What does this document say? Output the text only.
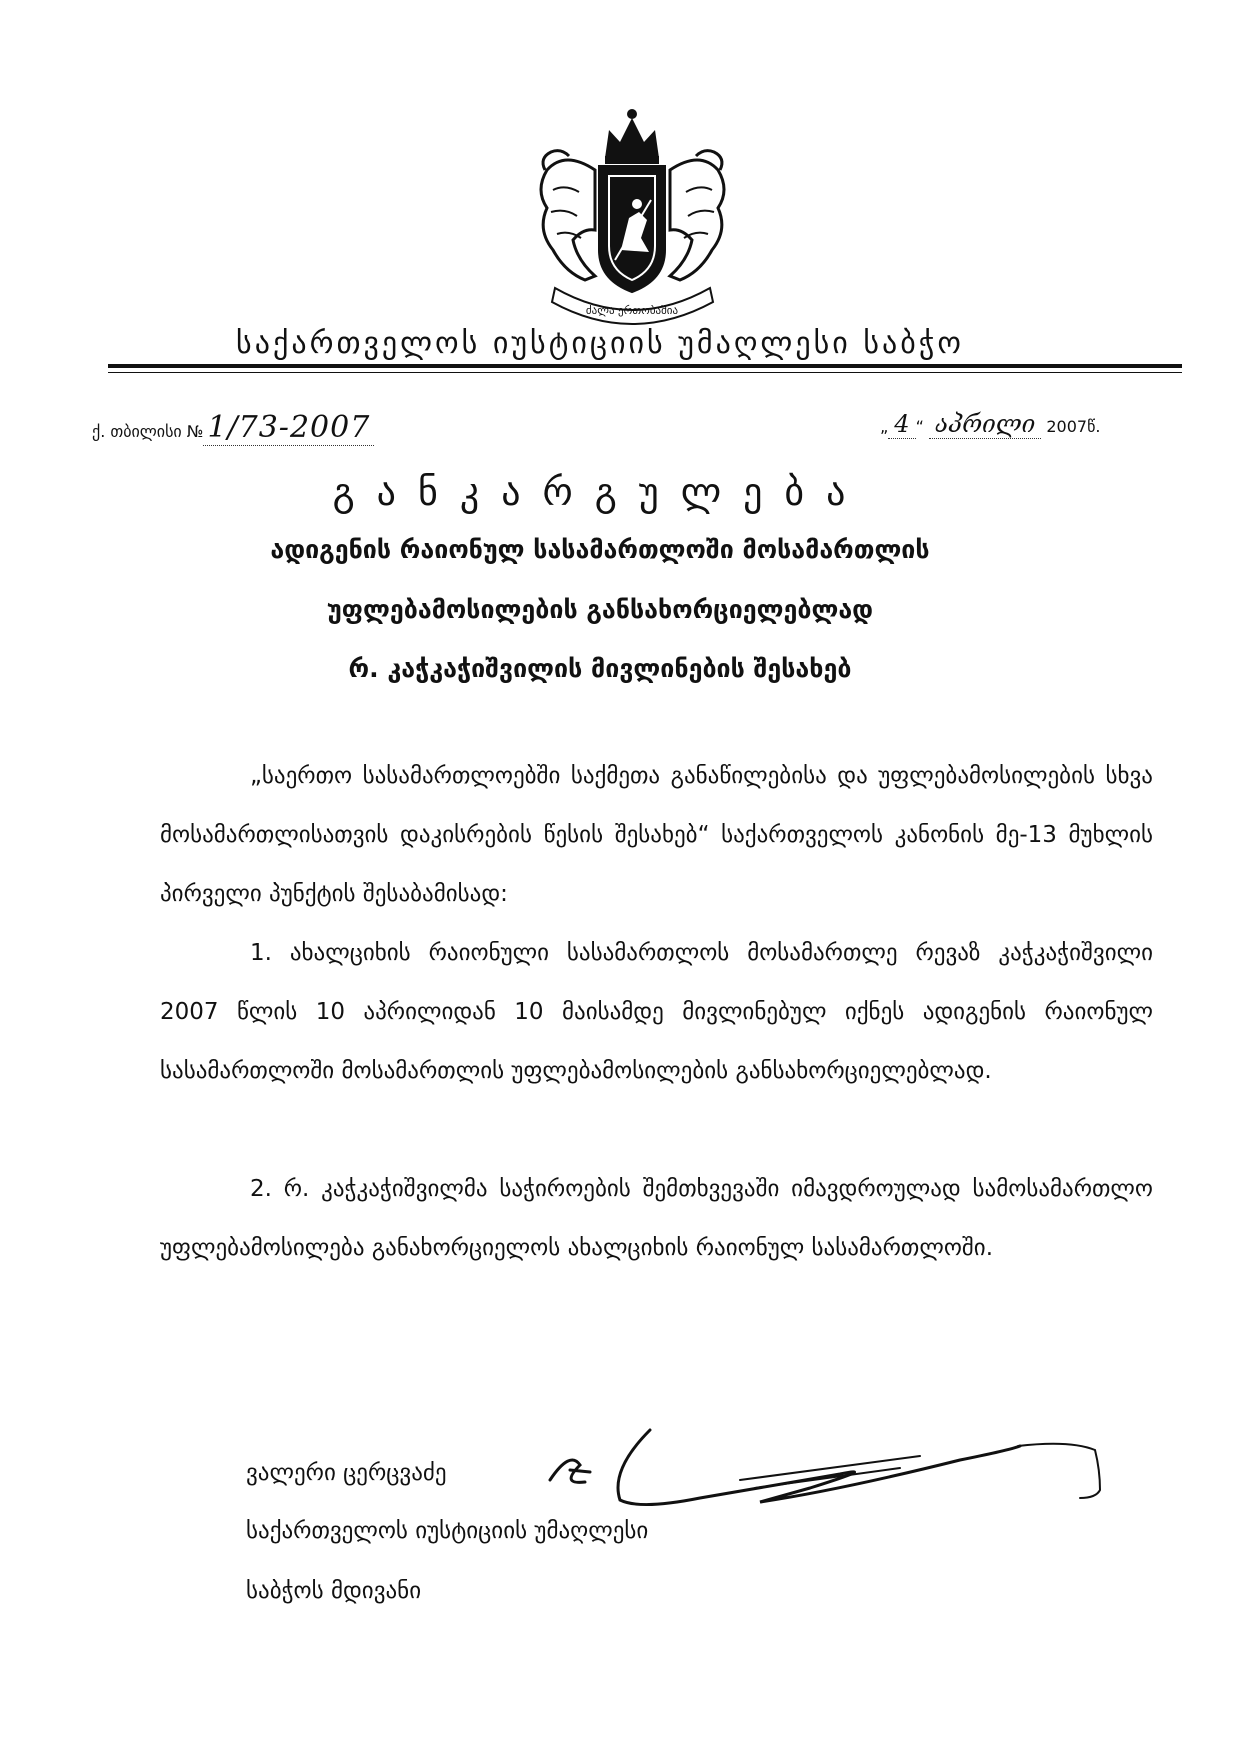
ძალა ერთობაშია
საქართველოს იუსტიციის უმაღლესი საბჭო
ქ. თბილისი № 1/73-2007	„ 4 “ აპრილი 2007წ.
განკარგულება
ადიგენის რაიონულ სასამართლოში მოსამართლის
უფლებამოსილების განსახორციელებლად
რ. კაჭკაჭიშვილის მივლინების შესახებ
„საერთო სასამართლოებში საქმეთა განაწილებისა და უფლებამოსილების სხვა მოსამართლისათვის დაკისრების წესის შესახებ“ საქართველოს კანონის მე-13 მუხლის პირველი პუნქტის შესაბამისად:
1. ახალციხის რაიონული სასამართლოს მოსამართლე რევაზ კაჭკაჭიშვილი 2007 წლის 10 აპრილიდან 10 მაისამდე მივლინებულ იქნეს ადიგენის რაიონულ სასამართლოში მოსამართლის უფლებამოსილების განსახორციელებლად.
2. რ. კაჭკაჭიშვილმა საჭიროების შემთხვევაში იმავდროულად სამოსამართლო უფლებამოსილება განახორციელოს ახალციხის რაიონულ სასამართლოში.
ვალერი ცერცვაძე
საქართველოს იუსტიციის უმაღლესი
საბჭოს მდივანი
